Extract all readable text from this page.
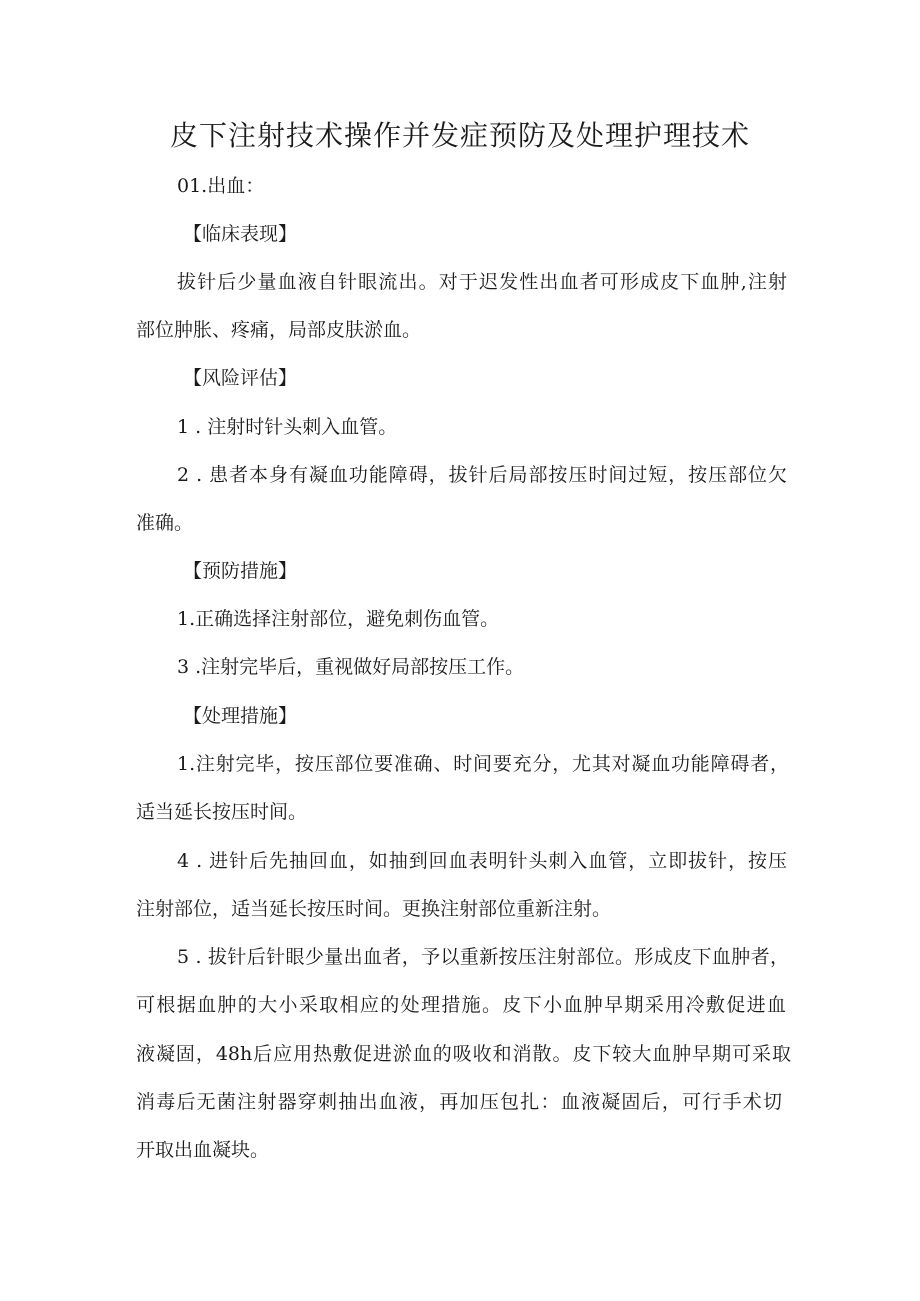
皮下注射技术操作并发症预防及处理护理技术
01.出血：
【临床表现】
拔针后少量血液自针眼流出。对于迟发性出血者可形成皮下血肿,注射
部位肿胀、疼痛，局部皮肤淤血。
【风险评估】
1 . 注射时针头刺入血管。
2 . 患者本身有凝血功能障碍，拔针后局部按压时间过短，按压部位欠
准确。
【预防措施】
1.正确选择注射部位，避免刺伤血管。
3 .注射完毕后，重视做好局部按压工作。
【处理措施】
1.注射完毕，按压部位要准确、时间要充分，尤其对凝血功能障碍者，
适当延长按压时间。
4 . 进针后先抽回血，如抽到回血表明针头刺入血管，立即拔针，按压
注射部位，适当延长按压时间。更换注射部位重新注射。
5 . 拔针后针眼少量出血者，予以重新按压注射部位。形成皮下血肿者，
可根据血肿的大小采取相应的处理措施。皮下小血肿早期采用冷敷促进血
液凝固，48h后应用热敷促进淤血的吸收和消散。皮下较大血肿早期可采取
消毒后无菌注射器穿刺抽出血液，再加压包扎：血液凝固后，可行手术切
开取出血凝块。
